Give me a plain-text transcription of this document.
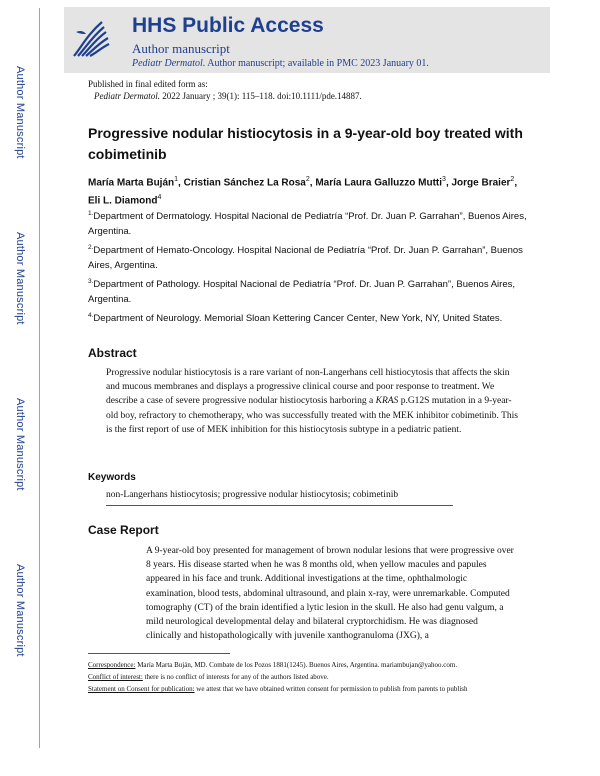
Author Manuscript
Author Manuscript
Author Manuscript
Author Manuscript
HHS Public Access
Author manuscript
Pediatr Dermatol. Author manuscript; available in PMC 2023 January 01.
Published in final edited form as:
Pediatr Dermatol. 2022 January ; 39(1): 115–118. doi:10.1111/pde.14887.
Progressive nodular histiocytosis in a 9-year-old boy treated with cobimetinib
María Marta Buján$^1$, Cristian Sánchez La Rosa$^2$, María Laura Galluzzo Mutti$^3$, Jorge Braier$^2$, Eli L. Diamond$^4$
$^{1.}$Department of Dermatology. Hospital Nacional de Pediatría “Prof. Dr. Juan P. Garrahan”, Buenos Aires, Argentina.
$^{2.}$Department of Hemato-Oncology. Hospital Nacional de Pediatría “Prof. Dr. Juan P. Garrahan”, Buenos Aires, Argentina.
$^{3.}$Department of Pathology. Hospital Nacional de Pediatría “Prof. Dr. Juan P. Garrahan”, Buenos Aires, Argentina.
$^{4.}$Department of Neurology. Memorial Sloan Kettering Cancer Center, New York, NY, United States.
Abstract
Progressive nodular histiocytosis is a rare variant of non-Langerhans cell histiocytosis that affects the skin and mucous membranes and displays a progressive clinical course and poor response to treatment. We describe a case of severe progressive nodular histiocytosis harboring a KRAS p.G12S mutation in a 9-year-old boy, refractory to chemotherapy, who was successfully treated with the MEK inhibitor cobimetinib. This is the first report of use of MEK inhibition for this histiocytosis subtype in a pediatric patient.
Keywords
non-Langerhans histiocytosis; progressive nodular histiocytosis; cobimetinib
Case Report
A 9-year-old boy presented for management of brown nodular lesions that were progressive over 8 years. His disease started when he was 8 months old, when yellow macules and papules appeared in his face and trunk. Additional investigations at the time, ophthalmologic examination, blood tests, abdominal ultrasound, and plain x-ray, were unremarkable. Computed tomography (CT) of the brain identified a lytic lesion in the skull. He also had genu valgum, a mild neurological developmental delay and bilateral cryptorchidism. He was diagnosed clinically and histopathologically with juvenile xanthogranuloma (JXG), a
Correspondence: María Marta Buján, MD. Combate de los Pozos 1881(1245). Buenos Aires, Argentina. mariambujan@yahoo.com.
Conflict of interest: there is no conflict of interests for any of the authors listed above.
Statement on Consent for publication: we attest that we have obtained written consent for permission to publish from parents to publish
